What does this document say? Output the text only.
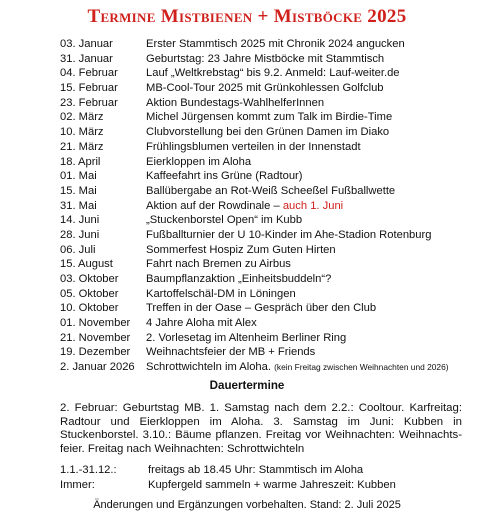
Termine Mistbienen + Mistböcke 2025
03. Januar	Erster Stammtisch 2025 mit Chronik 2024 angucken
31. Januar	Geburtstag: 23 Jahre Mistböcke mit Stammtisch
04. Februar	Lauf „Weltkrebstag“ bis 9.2. Anmeld: Lauf-weiter.de
15. Februar	MB-Cool-Tour 2025 mit Grünkohlessen Golfclub
23. Februar	Aktion Bundestags-WahlhelferInnen
02. März	Michel Jürgensen kommt zum Talk im Birdie-Time
10. März	Clubvorstellung bei den Grünen Damen im Diako
21. März	Frühlingsblumen verteilen in der Innenstadt
18. April	Eierkloppen im Aloha
01. Mai	Kaffeefahrt ins Grüne (Radtour)
15. Mai	Ballübergabe an Rot-Weiß Scheeßel Fußballwette
31. Mai	Aktion auf der Rowdinale – auch 1. Juni
14. Juni	„Stuckenborstel Open“ im Kubb
28. Juni	Fußballturnier der U 10-Kinder im Ahe-Stadion Rotenburg
06. Juli	Sommerfest Hospiz Zum Guten Hirten
15. August	Fahrt nach Bremen zu Airbus
03. Oktober Baumpflanzaktion „Einheitsbuddeln“?
05. Oktober Kartoffelschäl-DM in Löningen
10. Oktober Treffen in der Oase – Gespräch über den Club
01. November 4 Jahre Aloha mit Alex
21. November 2. Vorlesetag im Altenheim Berliner Ring
19. Dezember Weihnachtsfeier der MB + Friends
2. Januar 2026 Schrottwichteln im Aloha. (kein Freitag zwischen Weihnachten und 2026)
Dauertermine
2. Februar: Geburtstag MB. 1. Samstag nach dem 2.2.: Cooltour. Karfreitag: Radtour und Eierkloppen im Aloha. 3. Samstag im Juni: Kubben in Stuckenborstel. 3.10.: Bäume pflanzen. Freitag vor Weihnachten: Weihnachts-feier. Freitag nach Weihnachten: Schrottwichteln
1.1.-31.12.:	freitags ab 18.45 Uhr: Stammtisch im Aloha
Immer:	Kupfergeld sammeln + warme Jahreszeit: Kubben
Änderungen und Ergänzungen vorbehalten. Stand: 2. Juli 2025
